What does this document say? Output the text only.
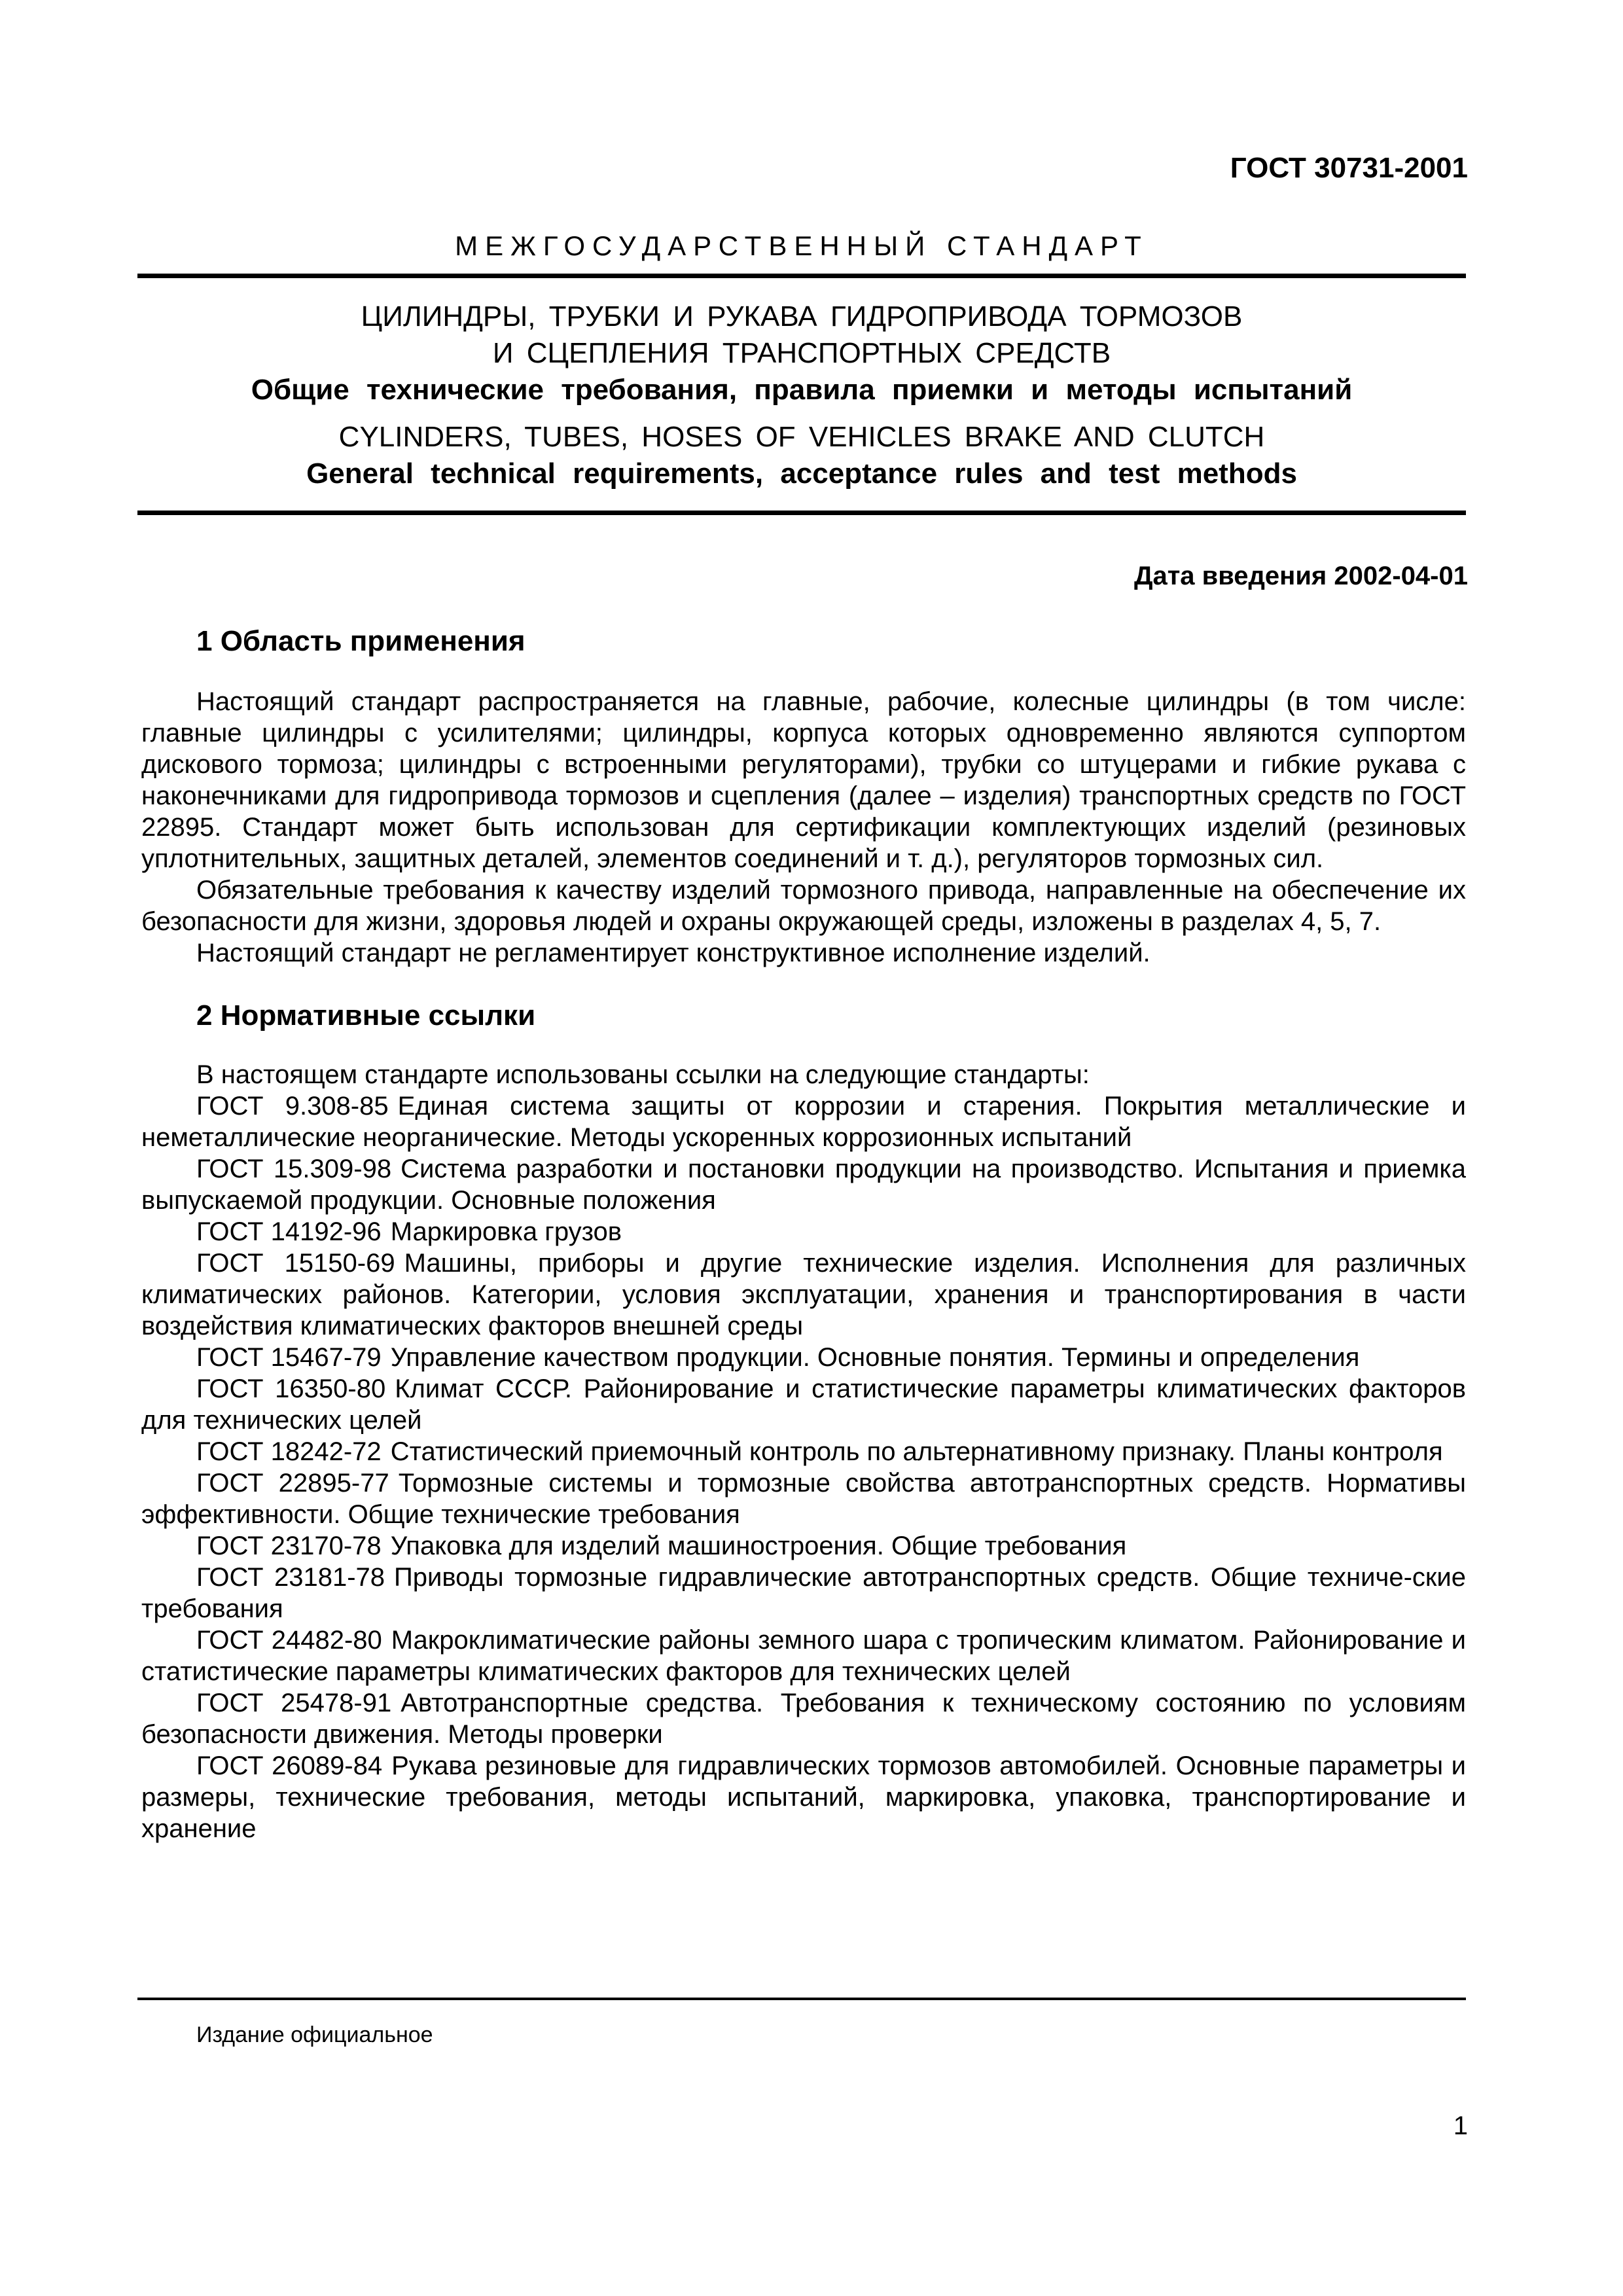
ГОСТ 30731-2001
МЕЖГОСУДАРСТВЕННЫЙ СТАНДАРТ
ЦИЛИНДРЫ, ТРУБКИ И РУКАВА ГИДРОПРИВОДА ТОРМОЗОВ
И СЦЕПЛЕНИЯ ТРАНСПОРТНЫХ СРЕДСТВ
Общие технические требования, правила приемки и методы испытаний
CYLINDERS, TUBES, HOSES OF VEHICLES BRAKE AND CLUTCH
General technical requirements, acceptance rules and test methods
Дата введения 2002-04-01
1 Область применения

Настоящий стандарт распространяется на главные, рабочие, колесные цилиндры (в том числе: главные цилиндры с усилителями; цилиндры, корпуса которых одновременно являются суппортом дискового тормоза; цилиндры с встроенными регуляторами), трубки со штуцерами и гибкие рукава с наконечниками для гидропривода тормозов и сцепления (далее – изделия) транспортных средств по ГОСТ 22895. Стандарт может быть использован для сертификации комплектующих изделий (резиновых уплотнительных, защитных деталей, элементов соединений и т. д.), регуляторов тормозных сил.

Обязательные требования к качеству изделий тормозного привода, направленные на обеспечение их безопасности для жизни, здоровья людей и охраны окружающей среды, изложены в разделах 4, 5, 7.

Настоящий стандарт не регламентирует конструктивное исполнение изделий.

2 Нормативные ссылки

В настоящем стандарте использованы ссылки на следующие стандарты:

ГОСТ 9.308-85 Единая система защиты от коррозии и старения. Покрытия металлические и неметаллические неорганические. Методы ускоренных коррозионных испытаний

ГОСТ 15.309-98 Система разработки и постановки продукции на производство. Испытания и приемка выпускаемой продукции. Основные положения

ГОСТ 14192-96 Маркировка грузов

ГОСТ 15150-69 Машины, приборы и другие технические изделия. Исполнения для различных климатических районов. Категории, условия эксплуатации, хранения и транспортирования в части воздействия климатических факторов внешней среды

ГОСТ 15467-79 Управление качеством продукции. Основные понятия. Термины и определения

ГОСТ 16350-80 Климат СССР. Районирование и статистические параметры климатических факторов для технических целей

ГОСТ 18242-72 Статистический приемочный контроль по альтернативному признаку. Планы контроля

ГОСТ 22895-77 Тормозные системы и тормозные свойства автотранспортных средств. Нормативы эффективности. Общие технические требования

ГОСТ 23170-78 Упаковка для изделий машиностроения. Общие требования

ГОСТ 23181-78 Приводы тормозные гидравлические автотранспортных средств. Общие техниче-ские требования

ГОСТ 24482-80 Макроклиматические районы земного шара с тропическим климатом. Районирование и статистические параметры климатических факторов для технических целей

ГОСТ 25478-91 Автотранспортные средства. Требования к техническому состоянию по условиям безопасности движения. Методы проверки

ГОСТ 26089-84 Рукава резиновые для гидравлических тормозов автомобилей. Основные параметры и размеры, технические требования, методы испытаний, маркировка, упаковка, транспортирование и хранение

Издание официальное
1
